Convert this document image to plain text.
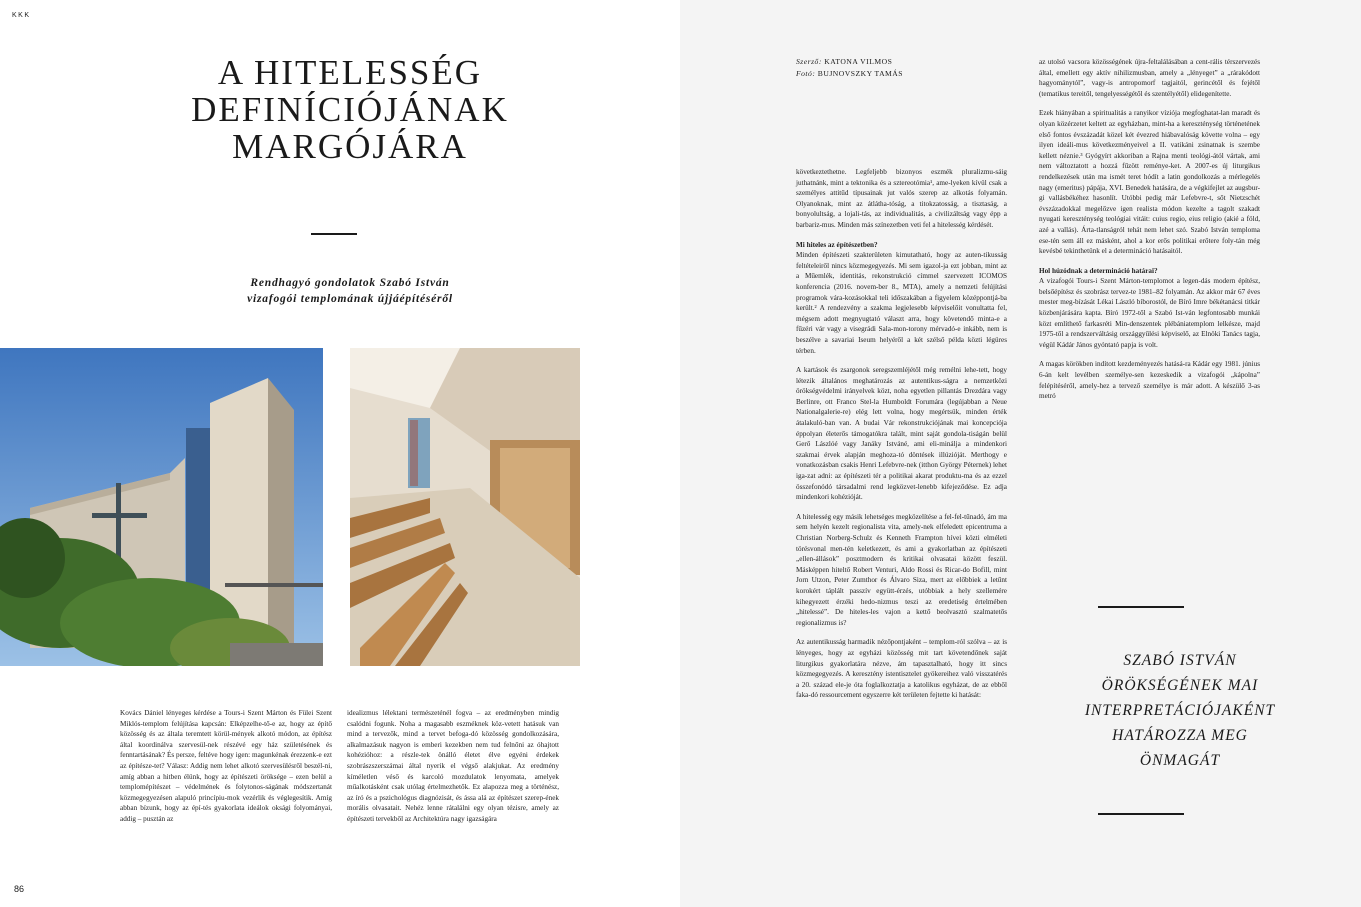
KKK
A HITELESSÉG
DEFINÍCIÓJÁNAK
MARGÓJÁRA
Rendhagyó gondolatok Szabó István
vizafogói templomának újjáépítéséről

Kovács Dániel lényeges kérdése a Tours-i Szent Márton és Fülei Szent Miklós-templom felújítása kapcsán: Elképzelhe-tő-e az, hogy az építő közösség és az általa teremtett körül-mények alkotó módon, az építész által koordinálva szervesül-nek részévé egy ház születésének és fenntartásának? És persze, feltéve hogy igen: magunkénak érezzenk-e ezt az építésze-tet? Válasz: Addig nem lehet alkotó szervesülésről beszél-ni, amíg abban a hitben élünk, hogy az építészeti öröksége – ezen belül a templomépítészet – védelmének és folytonos-ságának módszertanát közmegegyezésen alapuló princípiu-mok vezérlik és véglegesítik. Amíg abban bízunk, hogy az épí-tés gyakorlata ideálok oksági folyományai, addig – pusztán az

idealizmus lélektani természeténél fogva – az eredményben mindig csalódni fogunk. Noha a magasabb eszméknek köz-vetett hatásuk van mind a tervezők, mind a tervet befoga-dó közösség gondolkozására, alkalmazásuk nagyon is emberi kezekben nem tud felnőni az óhajtott kohézióhoz: a részle-tek önálló életet élve egyéni érdekek szobrászszerszámai által nyerik el végső alakjukat. Az eredmény kíméletlen véső és karcoló mozdulatok lenyomata, amelyek műalkotásként csak utólag értelmezhetők. Ez alapozza meg a történész, az író és a pszichológus diagnózisát, és ássa alá az építészet szerep-ének morális olvasatait. Nehéz lenne rátalálni egy olyan tézisre, amely az építészeti tervekből az Architektúra nagy igazságára

86
Szerző: KATONA VILMOS
Fotó: BUJNOVSZKY TAMÁS

következtethetne. Legfeljebb bizonyos eszmék pluralizmu-sáig juthatnánk, mint a tektonika és a sztereotómia¹, ame-lyeken kívül csak a személyes attitűd típusainak jut valós szerep az alkotás folyamán. Olyanoknak, mint az átlátha-tóság, a titokzatosság, a tisztaság, a bonyolultság, a lojali-tás, az individualitás, a civilizáltság vagy épp a barbariz-mus. Minden más színezetben veti fel a hitelesség kérdését.

Mi hiteles az építészetben?

Minden építészeti szakterületen kimutatható, hogy az auten-tikusság feltételeiről nincs közmegegyezés. Mi sem igazol-ja ezt jobban, mint az a Műemlék, identitás, rekonstrukció címmel szervezett ICOMOS konferencia (2016. novem-ber 8., MTA), amely a nemzeti felújítási programok vára-kozásokkal teli időszakában a figyelem középpontjá-ba került.² A rendezvény a szakma legjelesebb képviselőit vonultatta fel, mégsem adott megnyugtató választ arra, hogy követendő minta-e a fűzéri vár vagy a visegrádi Sala-mon-torony mérvadó-e inkább, nem is beszélve a savariai Iseum helyéről a két szélső példa közti légüres térben.

A kartások és zsargonok seregszemléjétől még remélni lehe-tett, hogy létezik általános meghatározás az autentikus-ságra a nemzetközi örökségvédelmi irányelvek közt, noha egyetlen pillantás Drezdára vagy Berlinre, ott Franco Stel-la Humboldt Forumára (legújabban a Neue Nationalgalerie-re) elég lett volna, hogy megértsük, minden érték átalakuló-ban van. A budai Vár rekonstrukciójának mai koncepciója éppolyan életerős támogatókra talált, mint saját gondola-tiságán belül Gerő Lászlóé vagy Janáky Istváné, ami eli-minálja a mindenkori szakmai érvek alapján meghoza-tó döntések illúzióját. Merthogy e vonatkozásban csakis Henri Lefebvre-nek (itthon György Péternek) lehet iga-zat adni: az építészeti tér a politikai akarat produktu-ma és az ezzel összefonódó társadalmi rend legközvet-lenebb kifejeződése. Ez adja mindenkori kohézióját.

A hitelesség egy másik lehetséges megközelítése a fel-fel-tűnadó, ám ma sem helyén kezelt regionalista vita, amely-nek elfeledett epicentruma a Christian Norberg-Schulz és Kenneth Frampton hívei közti elméleti törésvonal men-tén keletkezett, és ami a gyakorlatban az építészeti „ellen-állások” posztmodern és kritikai olvasatai között feszül. Másképpen hiteltő Robert Venturi, Aldo Rossi és Ricar-do Bofill, mint Jorn Utzon, Peter Zumthor és Álvaro Siza, mert az előbbiek a letűnt korokért táplált passzív együtt-érzés, utóbbiak a hely szellemére kihegyezett érzéki hedo-nizmus teszi az eredetiség értelmében „hitelessé”. De hiteles-les vajon a kettő beolvasztó szalmatetős regionalizmus is?

Az autentikusság harmadik nézőpontjaként – templom-ról szólva – az is lényeges, hogy az egyházi közösség mit tart követendőnek saját liturgikus gyakorlatára nézve, ám tapasztalható, hogy itt sincs közmegegyezés. A keresztény istentisztelet gyökereihez való visszatérés a 20. század ele-je óta foglalkoztatja a katolikus egyházat, de az ebből faka-dó ressourcement egyszerre két területen fejtette ki hatását:

az utolsó vacsora közösségének újra-feltalálásában a cent-rális térszervezés által, emellett egy aktív nihilizmusban, amely a „lényeget” a „rárakódott hagyománytól”, vagy-is antropomorf tagjaitól, gerincétől és fejétől (tematikus tereitől, tengelyességétől és szentélyétől) elidegenítette.

Ezek hiányában a spiritualitás a ranyikor víziója megfoghatat-lan maradt és olyan közérzetet keltett az egyházban, mint-ha a kereszténység történetének első fontos évszázadát közel két évezred hiábavalóság követte volna – egy ilyen ideáli-mus következményeivel a II. vatikáni zsinatnak is szembe kellett néznie.³ Gyógyírt akkoriban a Rajna menti teológi-ától vártak, ami nem változtatott a hozzá fűzött reménye-ket. A 2007-es új liturgikus rendelkezések után ma ismét teret hódít a latin gondolkozás a mérlegelés nagy (emeritus) pápája, XVI. Benedek hatására, de a végkifejlet az augsbur-gi vallásbékéhez hasonlít. Utóbbi pedig már Lefebvre-t, sőt Nietzschét évszázadokkal megelőzve igen realista módon kezelte a tagolt szakadt nyugati kereszténység teológiai vitáit: cuius regio, eius religio (akié a föld, azé a vallás). Árta-tlanságról tehát nem lehet szó. Szabó István temploma ese-tén sem áll ez másként, ahol a kor erős politikai erőtere foly-tán még kevésbé tekinthetünk el a determináció hatásaitól.

Hol húzódnak a determináció határai?

A vizafogói Tours-i Szent Márton-templomot a legen-dás modern építész, belsőépítész és szobrász tervez-te 1981–82 folyamán. Az akkor már 67 éves mester meg-bízását Lékai László bíborostól, de Bíró Imre békétanácsi titkár közbenjárására kapta. Bíró 1972-től a Szabó Ist-ván legfontosabb munkái közt említhető farkasréti Min-denszentek plébániatemplom lelkésze, majd 1975-től a rendszerváltásig országgyűlési képviselő, az Elnöki Tanács tagja, végül Kádár János gyóntató papja is volt.

A magas körökben indított kezdeményezés hatásá-ra Kádár egy 1981. június 6-án kelt levélben személye-sen kezeskedik a vizafogói „kápolna” felépítéséről, amely-hez a tervező személye is már adott. A készülő 3-as metró

SZABÓ ISTVÁN
ÖRÖKSÉGÉNEK MAI
INTERPRETÁCIÓJAKÉNT
HATÁROZZA MEG
ÖNMAGÁT
